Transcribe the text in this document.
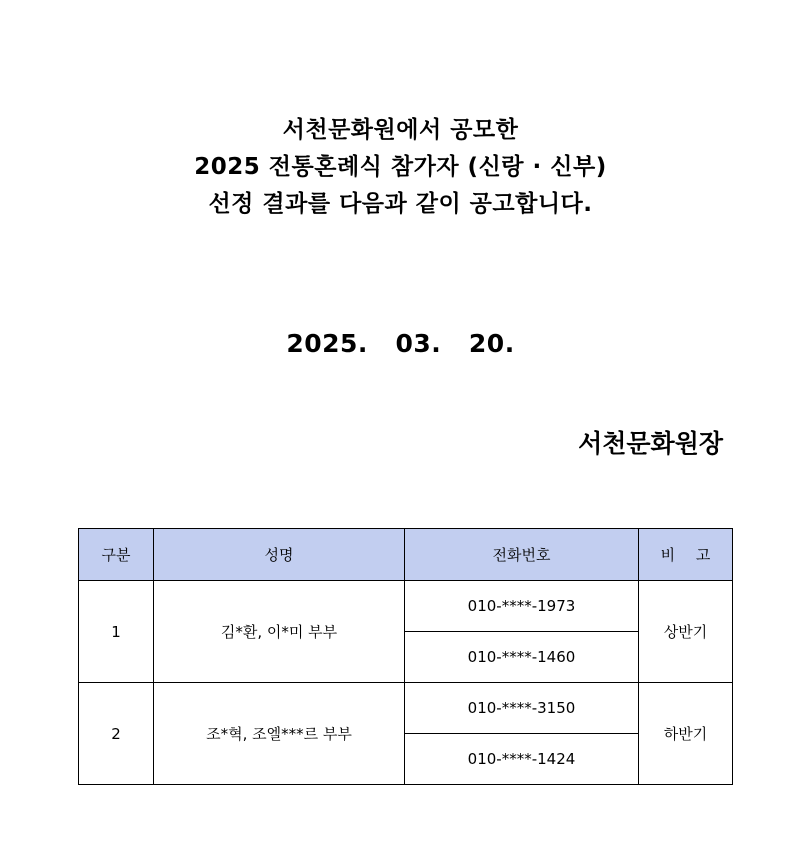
서천문화원에서 공모한
2025 전통혼례식 참가자 (신랑 · 신부)
선정 결과를 다음과 같이 공고합니다.
2025.   03.   20.
서천문화원장
구분	성명	전화번호	비 고
1	김*환, 이*미 부부	010-****-1973	상반기
		010-****-1460	
2	조*혁, 조엘***르 부부	010-****-3150	하반기
		010-****-1424	
